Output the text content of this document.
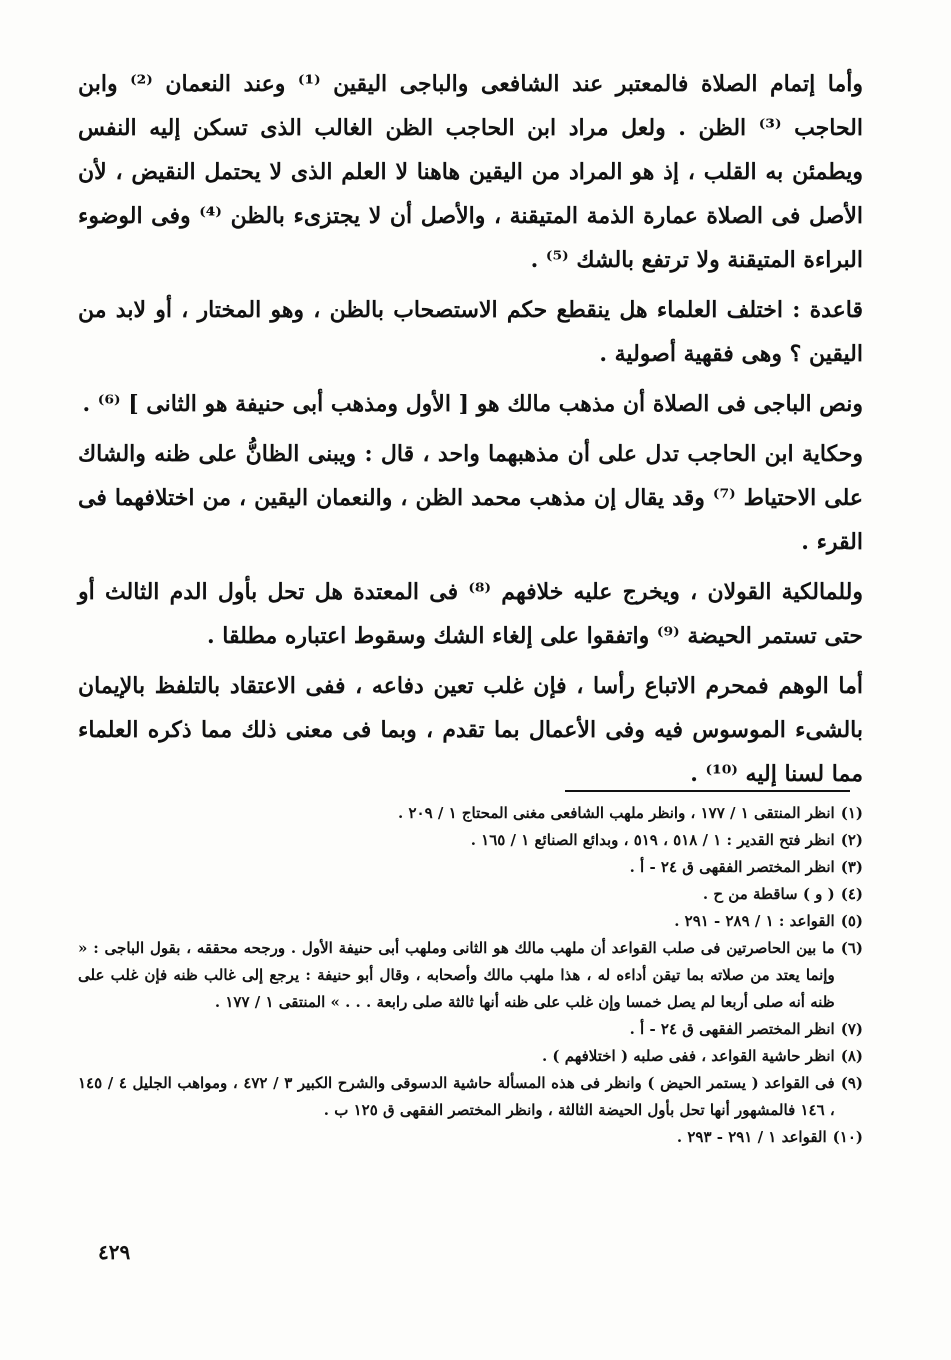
وأما إتمام الصلاة فالمعتبر عند الشافعى والباجى اليقين ⁽¹⁾ وعند النعمان ⁽²⁾ وابن الحاجب ⁽³⁾ الظن . ولعل مراد ابن الحاجب الظن الغالب الذى تسكن إليه النفس ويطمئن به القلب ، إذ هو المراد من اليقين هاهنا لا العلم الذى لا يحتمل النقيض ، لأن الأصل فى الصلاة عمارة الذمة المتيقنة ، والأصل أن لا يجتزىء بالظن ⁽⁴⁾ وفى الوضوء البراءة المتيقنة ولا ترتفع بالشك ⁽⁵⁾ .

قاعدة : اختلف العلماء هل ينقطع حكم الاستصحاب بالظن ، وهو المختار ، أو لابد من اليقين ؟ وهى فقهية أصولية .

ونص الباجى فى الصلاة أن مذهب مالك هو [ الأول ومذهب أبى حنيفة هو الثانى ] ⁽⁶⁾ .

وحكاية ابن الحاجب تدل على أن مذهبهما واحد ، قال : ويبنى الظانُّ على ظنه والشاك على الاحتياط ⁽⁷⁾ وقد يقال إن مذهب محمد الظن ، والنعمان اليقين ، من اختلافهما فى القرء .

وللمالكية القولان ، ويخرج عليه خلافهم ⁽⁸⁾ فى المعتدة هل تحل بأول الدم الثالث أو حتى تستمر الحيضة ⁽⁹⁾ واتفقوا على إلغاء الشك وسقوط اعتباره مطلقا .

أما الوهم فمحرم الاتباع رأسا ، فإن غلب تعين دفاعه ، ففى الاعتقاد بالتلفظ بالإيمان بالشىء الموسوس فيه وفى الأعمال بما تقدم ، وبما فى معنى ذلك مما ذكره العلماء مما لسنا إليه ⁽¹⁰⁾ .

(١)
انظر المنتقى ١ / ١٧٧ ، وانظر ملهب الشافعى مغنى المحتاج ١ / ٢٠٩ .
(٢)
انظر فتح القدير : ١ / ٥١٨ ، ٥١٩ ، وبدائع الصنائع ١ / ١٦٥ .
(٣)
انظر المختصر الفقهى ق ٢٤ - أ .
(٤)
( و ) ساقطة من ح .
(٥)
القواعد : ١ / ٢٨٩ - ٢٩١ .
(٦)
ما بين الحاصرتين فى صلب القواعد أن ملهب مالك هو الثانى وملهب أبى حنيفة الأول . ورجحه محققه ، بقول الباجى : « وإنما يعتد من صلاته بما تيقن أداءه له ، هذا ملهب مالك وأصحابه ، وقال أبو حنيفة : يرجع إلى غالب ظنه فإن غلب على ظنه أنه صلى أربعا لم يصل خمسا وإن غلب على ظنه أنها ثالثة صلى رابعة . . . » المنتقى ١ / ١٧٧ .
(٧)
انظر المختصر الفقهى ق ٢٤ - أ .
(٨)
انظر حاشية القواعد ، ففى صلبه ( اختلافهم ) .
(٩)
فى القواعد ( يستمر الحيض ) وانظر فى هذه المسألة حاشية الدسوقى والشرح الكبير ٣ / ٤٧٢ ، ومواهب الجليل ٤ / ١٤٥ ، ١٤٦ فالمشهور أنها تحل بأول الحيضة الثالثة ، وانظر المختصر الفقهى ق ١٢٥ ب .
(١٠)
القواعد ١ / ٢٩١ - ٢٩٣ .
٤٢٩
